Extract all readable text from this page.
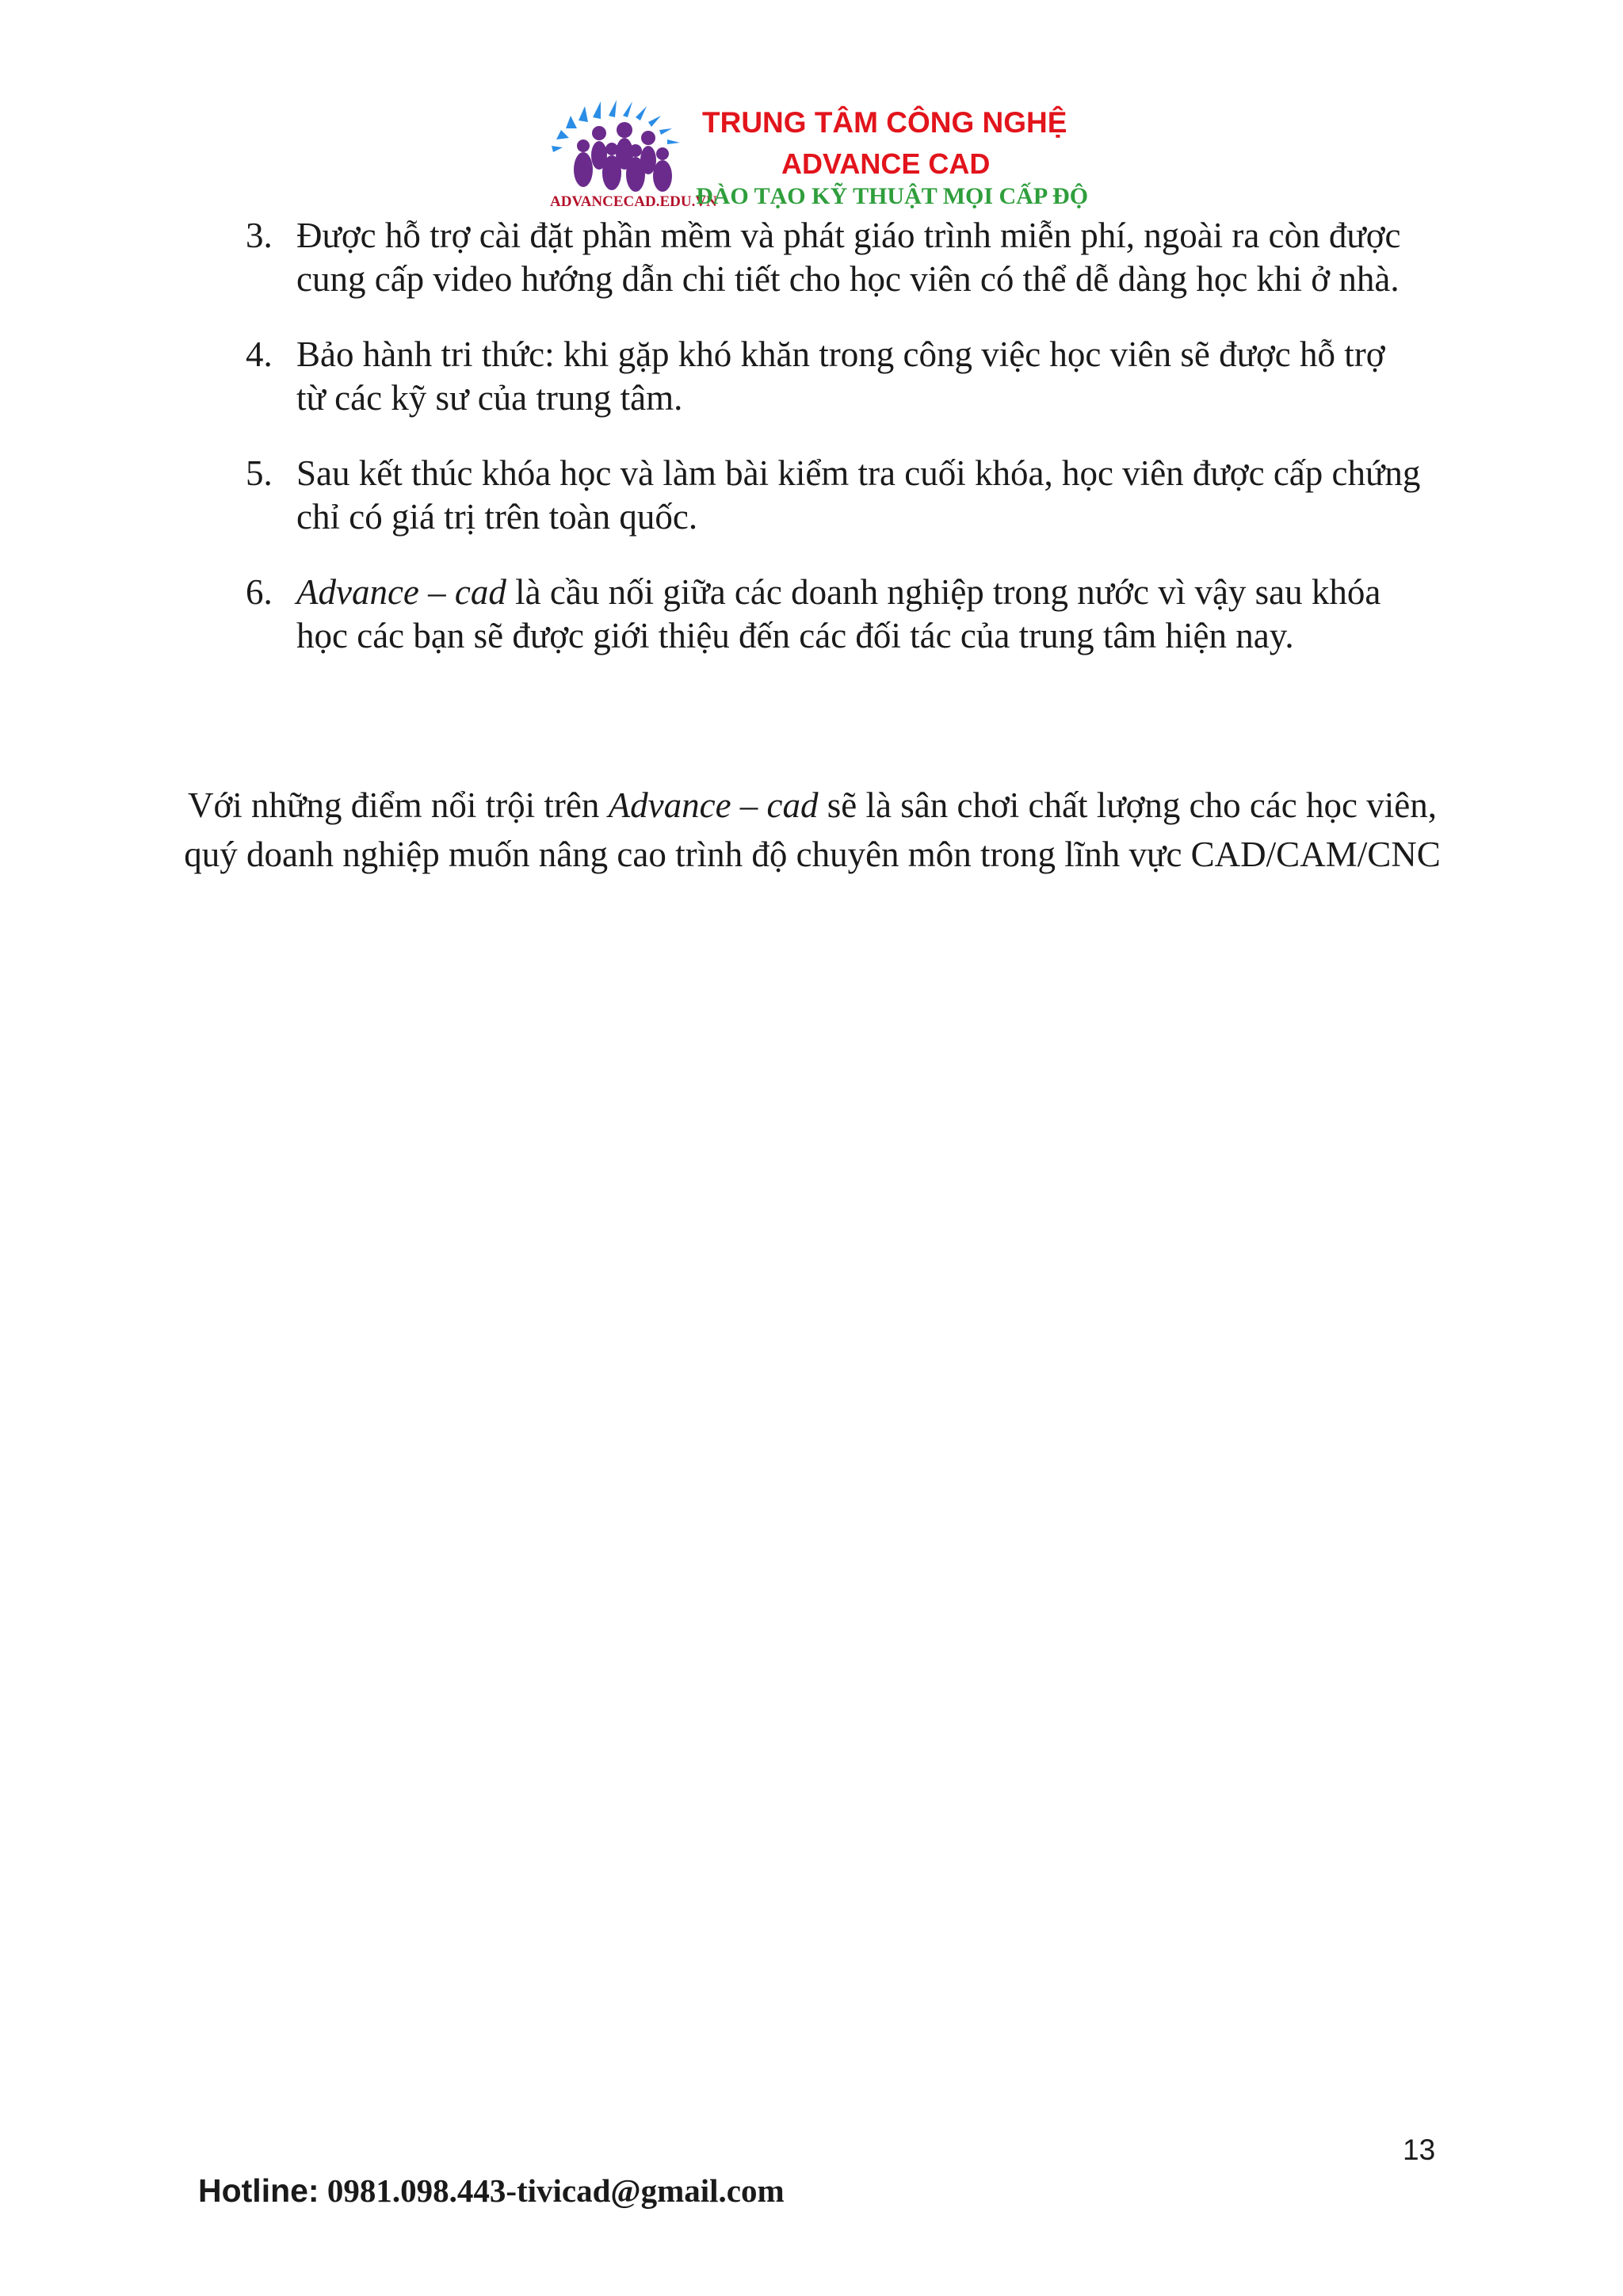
ADVANCECAD.EDU.VN
TRUNG TÂM CÔNG NGHỆ
ADVANCE CAD
ĐÀO TẠO KỸ THUẬT MỌI CẤP ĐỘ
3. Được hỗ trợ cài đặt phần mềm và phát giáo trình miễn phí, ngoài ra còn được cung cấp video hướng dẫn chi tiết cho học viên có thể dễ dàng học khi ở nhà.
4. Bảo hành tri thức: khi gặp khó khăn trong công việc học viên sẽ được hỗ trợ từ các kỹ sư của trung tâm.
5. Sau kết thúc khóa học và làm bài kiểm tra cuối khóa, học viên được cấp chứng chỉ có giá trị trên toàn quốc.
6. Advance – cad là cầu nối giữa các doanh nghiệp trong nước vì vậy sau khóa học các bạn sẽ được giới thiệu đến các đối tác của trung tâm hiện nay.
Với những điểm nổi trội trên Advance – cad sẽ là sân chơi chất lượng cho các học viên, quý doanh nghiệp muốn nâng cao trình độ chuyên môn trong lĩnh vực CAD/CAM/CNC
13
Hotline: 0981.098.443-tivicad@gmail.com
